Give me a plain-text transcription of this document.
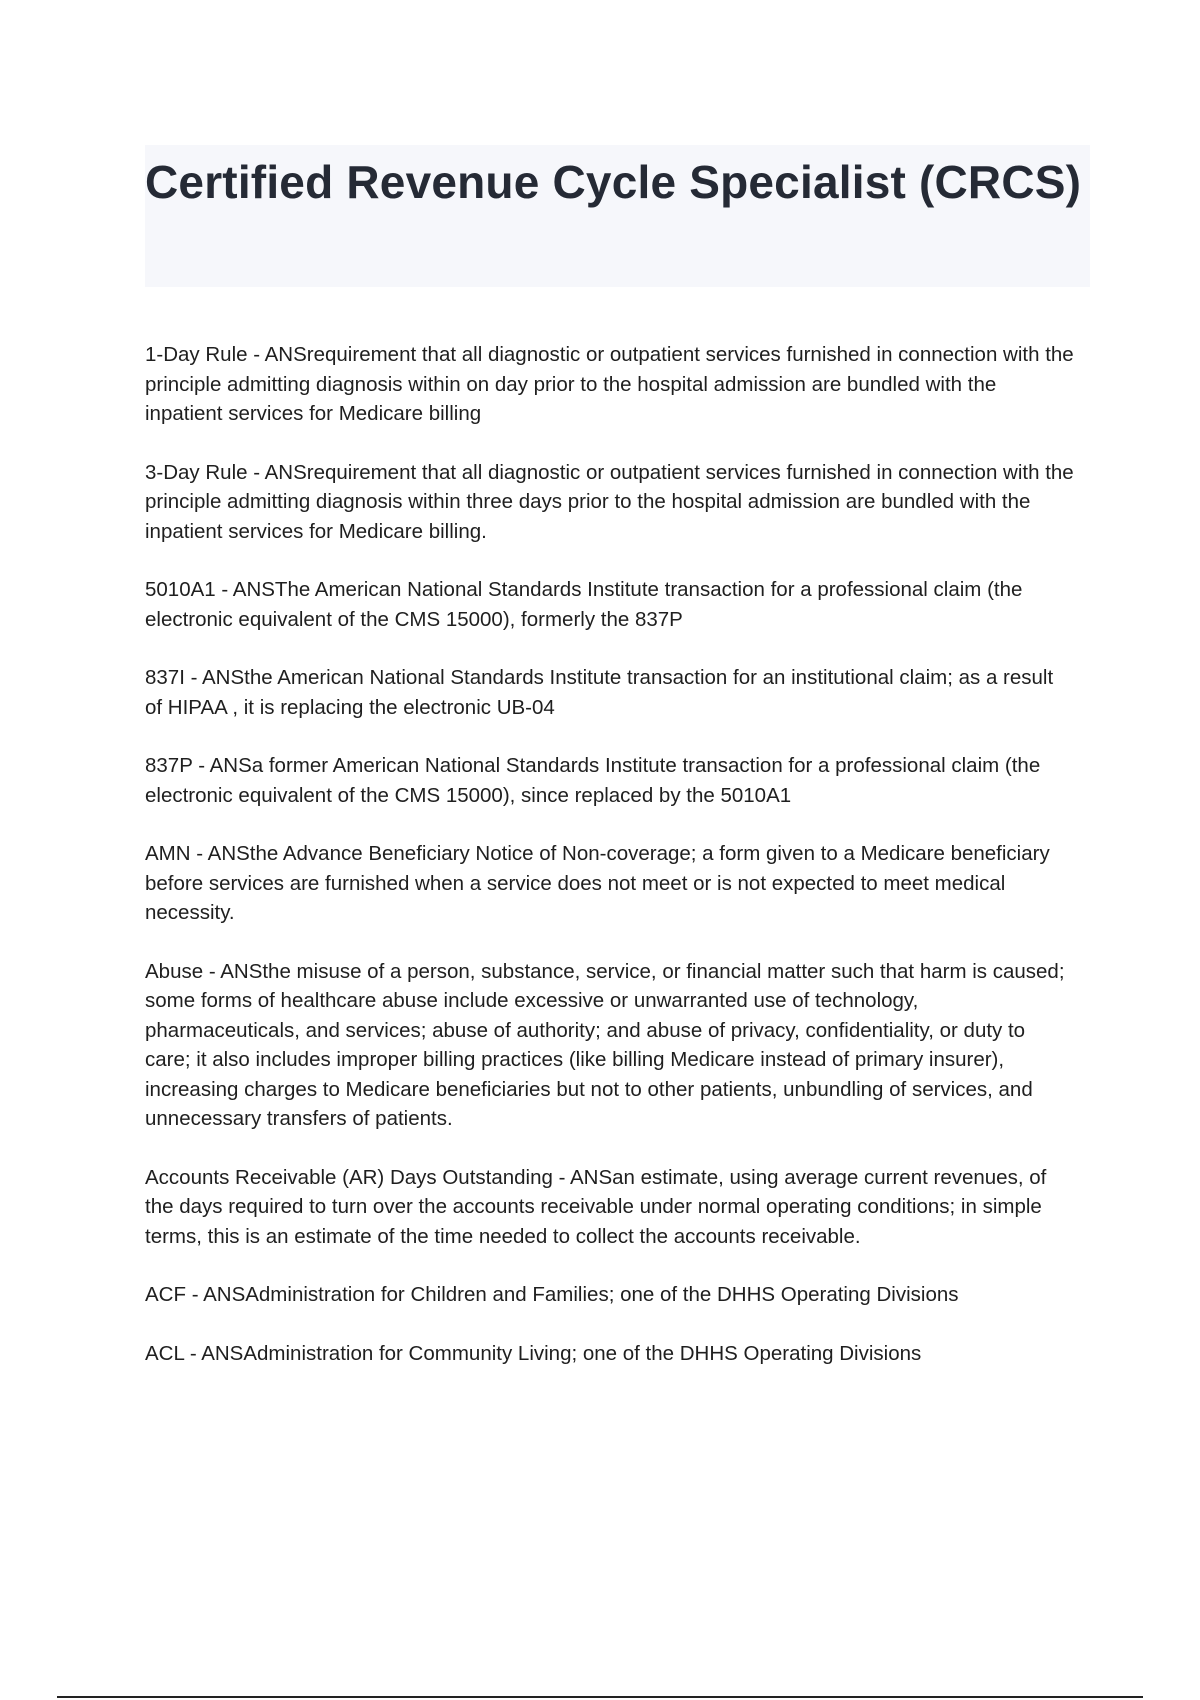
Certified Revenue Cycle Specialist (CRCS)

1-Day Rule - ANSrequirement that all diagnostic or outpatient services furnished in connection with the principle admitting diagnosis within on day prior to the hospital admission are bundled with the inpatient services for Medicare billing

3-Day Rule - ANSrequirement that all diagnostic or outpatient services furnished in connection with the principle admitting diagnosis within three days prior to the hospital admission are bundled with the inpatient services for Medicare billing.

5010A1 - ANSThe American National Standards Institute transaction for a professional claim (the electronic equivalent of the CMS 15000), formerly the 837P

837I - ANSthe American National Standards Institute transaction for an institutional claim; as a result of HIPAA , it is replacing the electronic UB-04

837P - ANSa former American National Standards Institute transaction for a professional claim (the electronic equivalent of the CMS 15000), since replaced by the 5010A1

AMN - ANSthe Advance Beneficiary Notice of Non-coverage; a form given to a Medicare beneficiary before services are furnished when a service does not meet or is not expected to meet medical necessity.

Abuse - ANSthe misuse of a person, substance, service, or financial matter such that harm is caused; some forms of healthcare abuse include excessive or unwarranted use of technology, pharmaceuticals, and services; abuse of authority; and abuse of privacy, confidentiality, or duty to care; it also includes improper billing practices (like billing Medicare instead of primary insurer), increasing charges to Medicare beneficiaries but not to other patients, unbundling of services, and unnecessary transfers of patients.

Accounts Receivable (AR) Days Outstanding - ANSan estimate, using average current revenues, of the days required to turn over the accounts receivable under normal operating conditions; in simple terms, this is an estimate of the time needed to collect the accounts receivable.

ACF - ANSAdministration for Children and Families; one of the DHHS Operating Divisions

ACL - ANSAdministration for Community Living; one of the DHHS Operating Divisions
